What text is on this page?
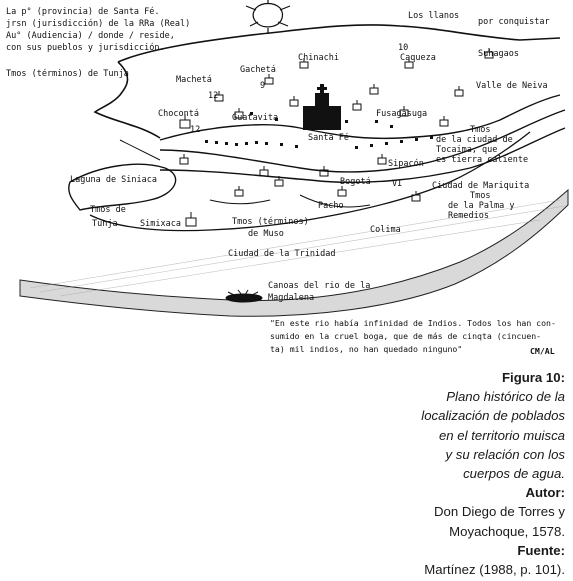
La p° (provincia) de Santa Fé.
jrsn (jurisdicción) de la RRa (Real)
Au° (Audiencia) / donde / reside,
con sus pueblos y jurisdicción.
Los llanos
por conquistar
Tmos (términos) de Tunja
Machetá
Gachetá
Chinachi	Caqueza	Suhagaos
Valle de Neiva
Chocontá	Guatavita
Santa Fé
Fusagasuga
Tmos
de la ciudad de
Tocaima, que
es tierra caliente
Laguna de Siniaca
Sipacón
Bogotá	Ciudad de Mariquita
Tmos
de la Palma y
Remedios
Tmos de
Tunja
Pacho
Simixaca	Tmos (términos)
de Muso	Colima
Ciudad de la Trinidad
Canoas del rio de la
Magdalena
12
12
9
10
VI
"En este rio había infinidad de Indios. Todos los han con-
sumido en la cruel boga, que de más de cinqta (cincuen-
ta) mil indios, no han quedado ninguno"	CM/AL
Figura 10:
Plano histórico de la
localización de poblados
en el territorio muisca
y su relación con los
cuerpos de agua.
Autor:
Don Diego de Torres y
Moyachoque, 1578.
Fuente:
Martínez (1988, p. 101).
